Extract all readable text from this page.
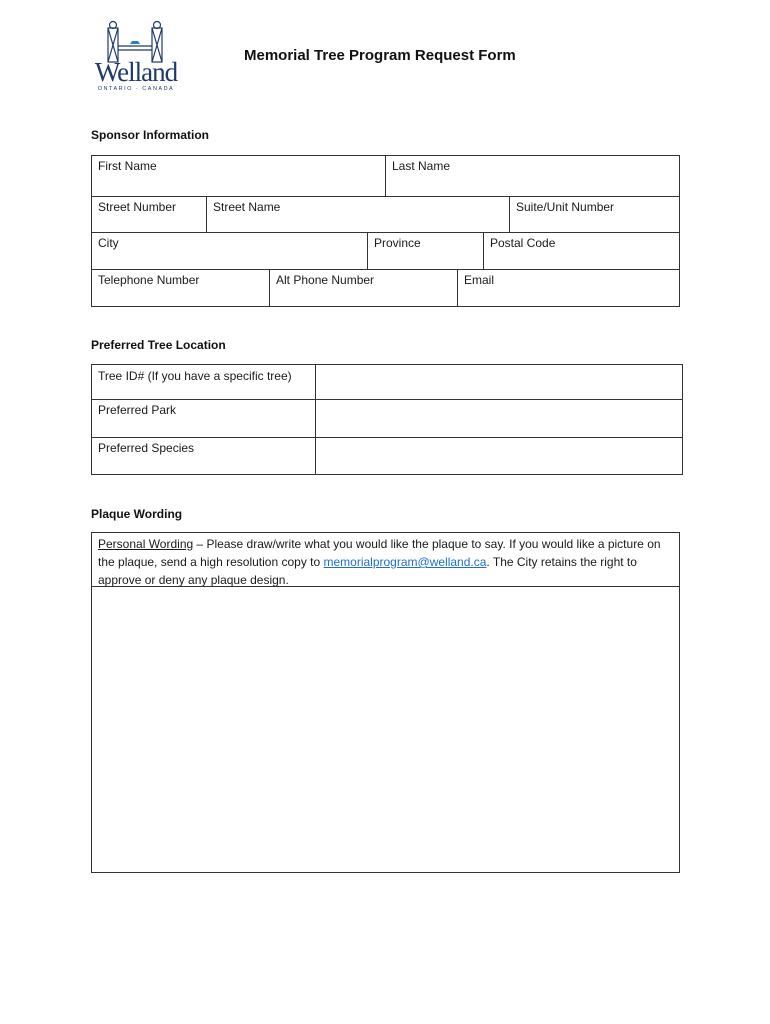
Welland
ONTARIO · CANADA
Memorial Tree Program Request Form
Sponsor Information
First Name	Last Name
Street Number	Street Name	Suite/Unit Number
City	Province	Postal Code
Telephone Number	Alt Phone Number	Email
Preferred Tree Location
Tree ID# (If you have a specific tree)
Preferred Park
Preferred Species
Plaque Wording
Personal Wording – Please draw/write what you would like the plaque to say. If you would like a picture on the plaque, send a high resolution copy to memorialprogram@welland.ca. The City retains the right to approve or deny any plaque design.
